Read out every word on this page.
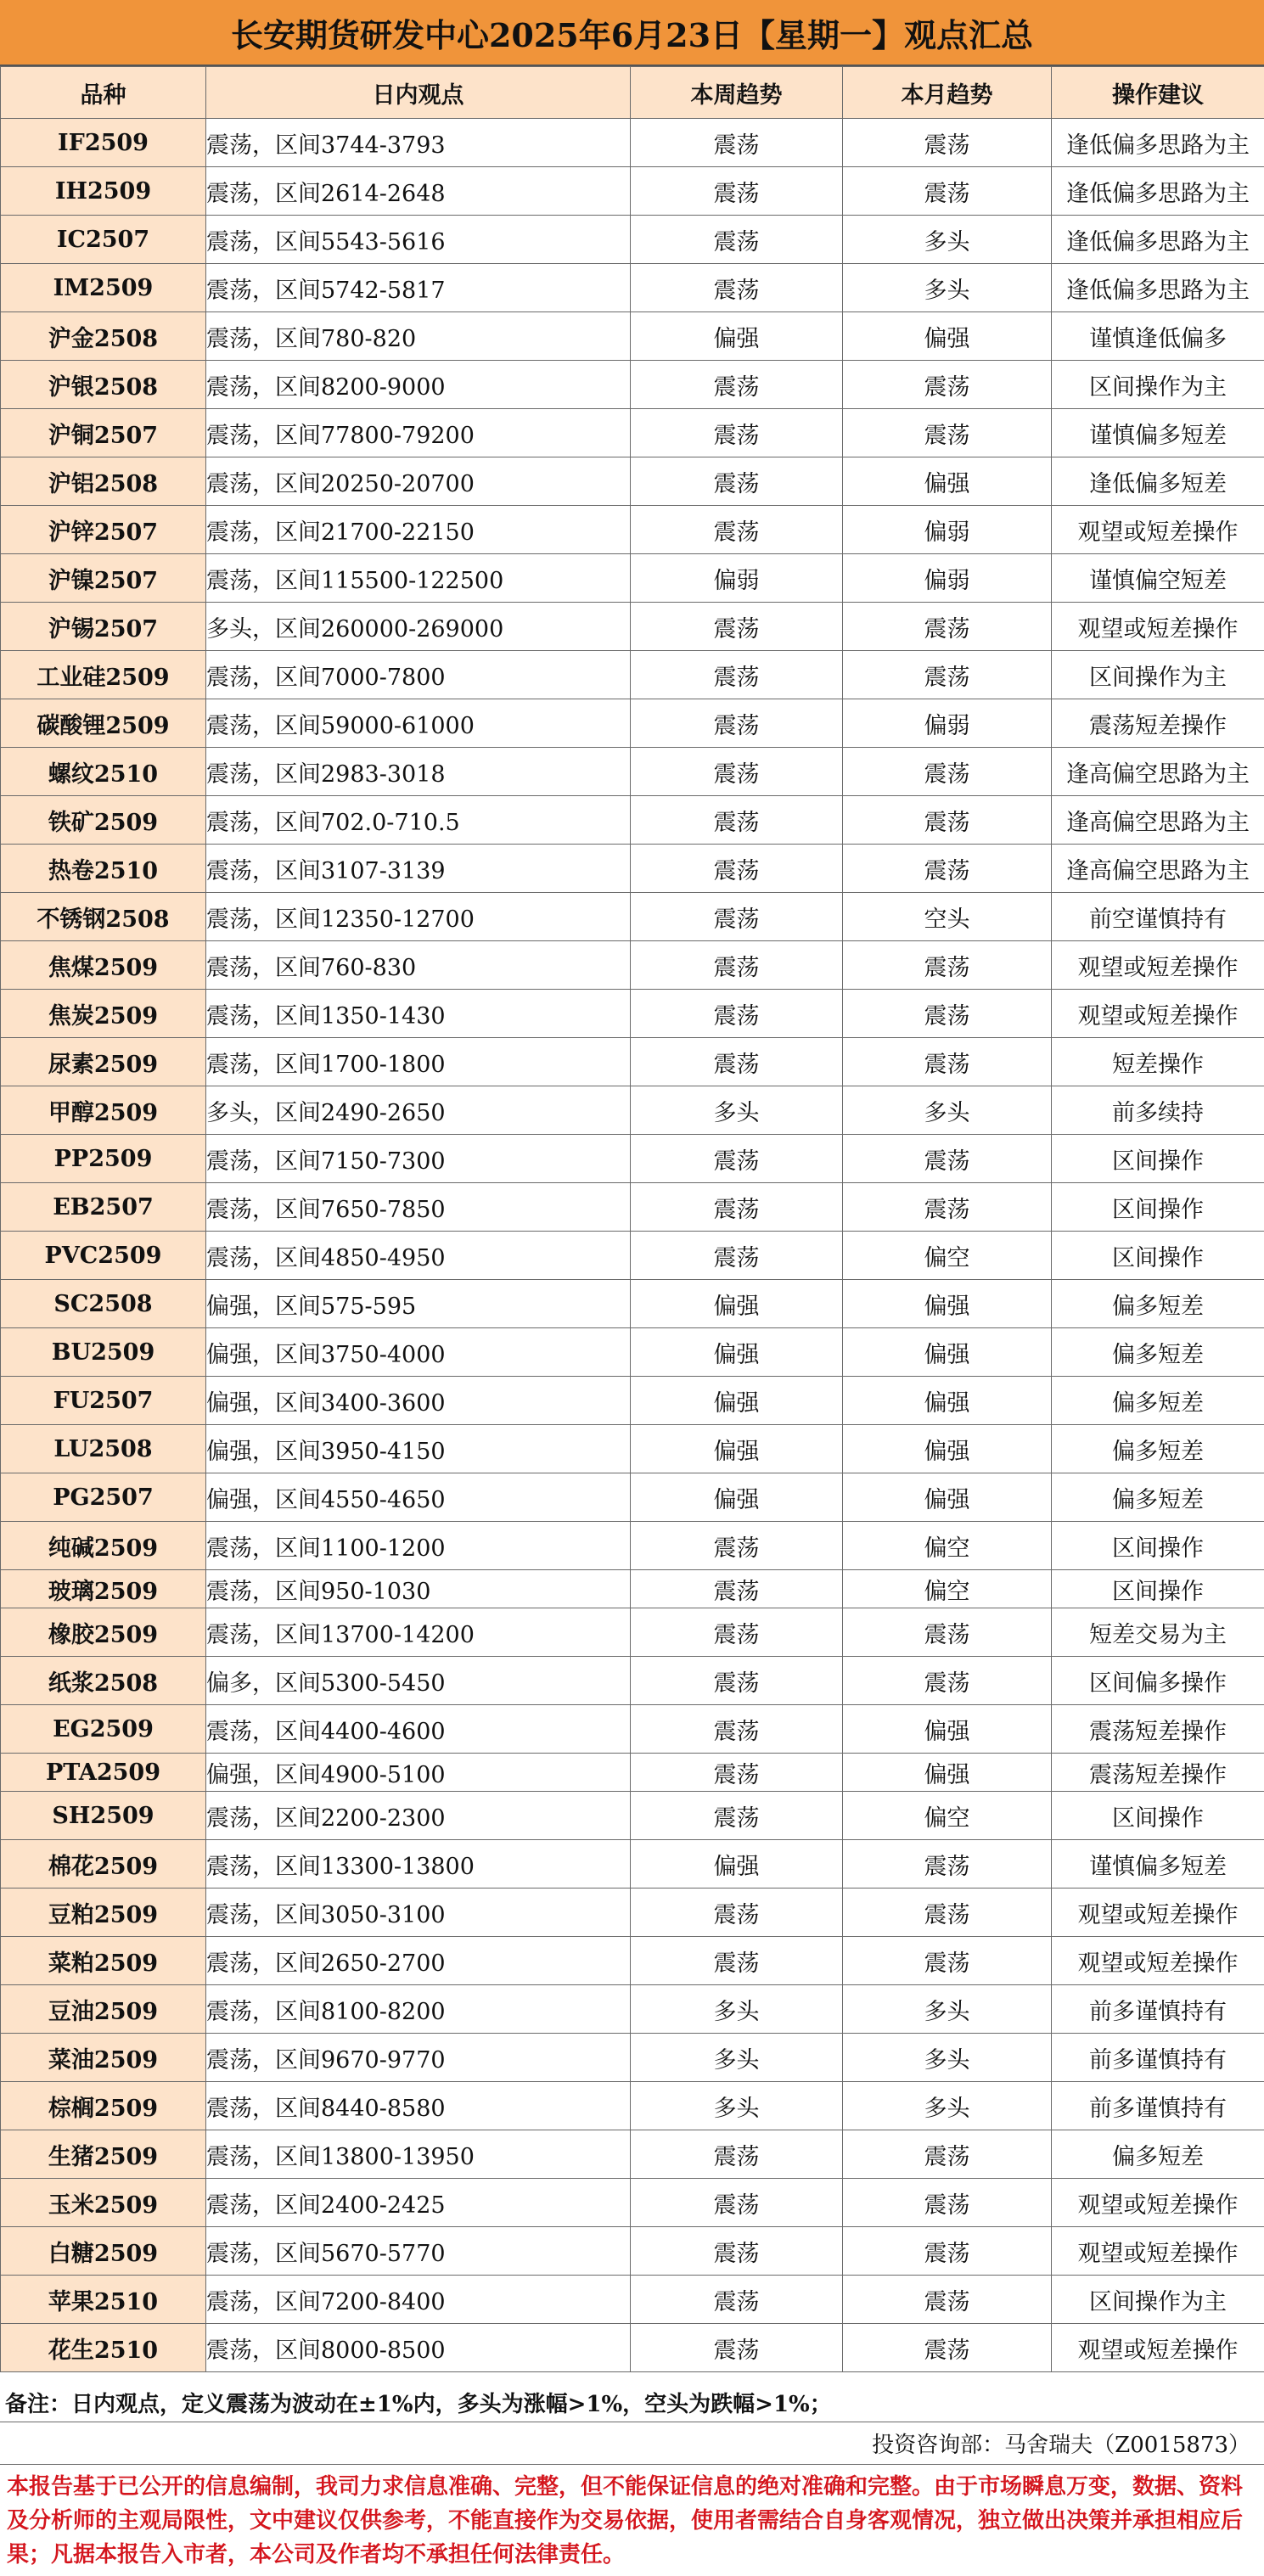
长安期货研发中心2025年6月23日【星期一】观点汇总
品种	日内观点	本周趋势	本月趋势	操作建议
IF2509	震荡，区间3744-3793	震荡	震荡	逢低偏多思路为主
IH2509	震荡，区间2614-2648	震荡	震荡	逢低偏多思路为主
IC2507	震荡，区间5543-5616	震荡	多头	逢低偏多思路为主
IM2509	震荡，区间5742-5817	震荡	多头	逢低偏多思路为主
沪金2508	震荡，区间780-820	偏强	偏强	谨慎逢低偏多
沪银2508	震荡，区间8200-9000	震荡	震荡	区间操作为主
沪铜2507	震荡，区间77800-79200	震荡	震荡	谨慎偏多短差
沪铝2508	震荡，区间20250-20700	震荡	偏强	逢低偏多短差
沪锌2507	震荡，区间21700-22150	震荡	偏弱	观望或短差操作
沪镍2507	震荡，区间115500-122500	偏弱	偏弱	谨慎偏空短差
沪锡2507	多头，区间260000-269000	震荡	震荡	观望或短差操作
工业硅2509	震荡，区间7000-7800	震荡	震荡	区间操作为主
碳酸锂2509	震荡，区间59000-61000	震荡	偏弱	震荡短差操作
螺纹2510	震荡，区间2983-3018	震荡	震荡	逢高偏空思路为主
铁矿2509	震荡，区间702.0-710.5	震荡	震荡	逢高偏空思路为主
热卷2510	震荡，区间3107-3139	震荡	震荡	逢高偏空思路为主
不锈钢2508	震荡，区间12350-12700	震荡	空头	前空谨慎持有
焦煤2509	震荡，区间760-830	震荡	震荡	观望或短差操作
焦炭2509	震荡，区间1350-1430	震荡	震荡	观望或短差操作
尿素2509	震荡，区间1700-1800	震荡	震荡	短差操作
甲醇2509	多头，区间2490-2650	多头	多头	前多续持
PP2509	震荡，区间7150-7300	震荡	震荡	区间操作
EB2507	震荡，区间7650-7850	震荡	震荡	区间操作
PVC2509	震荡，区间4850-4950	震荡	偏空	区间操作
SC2508	偏强，区间575-595	偏强	偏强	偏多短差
BU2509	偏强，区间3750-4000	偏强	偏强	偏多短差
FU2507	偏强，区间3400-3600	偏强	偏强	偏多短差
LU2508	偏强，区间3950-4150	偏强	偏强	偏多短差
PG2507	偏强，区间4550-4650	偏强	偏强	偏多短差
纯碱2509	震荡，区间1100-1200	震荡	偏空	区间操作
玻璃2509	震荡，区间950-1030	震荡	偏空	区间操作
橡胶2509	震荡，区间13700-14200	震荡	震荡	短差交易为主
纸浆2508	偏多，区间5300-5450	震荡	震荡	区间偏多操作
EG2509	震荡，区间4400-4600	震荡	偏强	震荡短差操作
PTA2509	偏强，区间4900-5100	震荡	偏强	震荡短差操作
SH2509	震荡，区间2200-2300	震荡	偏空	区间操作
棉花2509	震荡，区间13300-13800	偏强	震荡	谨慎偏多短差
豆粕2509	震荡，区间3050-3100	震荡	震荡	观望或短差操作
菜粕2509	震荡，区间2650-2700	震荡	震荡	观望或短差操作
豆油2509	震荡，区间8100-8200	多头	多头	前多谨慎持有
菜油2509	震荡，区间9670-9770	多头	多头	前多谨慎持有
棕榈2509	震荡，区间8440-8580	多头	多头	前多谨慎持有
生猪2509	震荡，区间13800-13950	震荡	震荡	偏多短差
玉米2509	震荡，区间2400-2425	震荡	震荡	观望或短差操作
白糖2509	震荡，区间5670-5770	震荡	震荡	观望或短差操作
苹果2510	震荡，区间7200-8400	震荡	震荡	区间操作为主
花生2510	震荡，区间8000-8500	震荡	震荡	观望或短差操作
备注：日内观点，定义震荡为波动在±1%内，多头为涨幅>1%，空头为跌幅>1%；
投资咨询部：马舍瑞夫（Z0015873）
本报告基于已公开的信息编制，我司力求信息准确、完整，但不能保证信息的绝对准确和完整。由于市场瞬息万变，数据、资料及分析师的主观局限性，文中建议仅供参考，不能直接作为交易依据，使用者需结合自身客观情况，独立做出决策并承担相应后果；凡据本报告入市者，本公司及作者均不承担任何法律责任。
